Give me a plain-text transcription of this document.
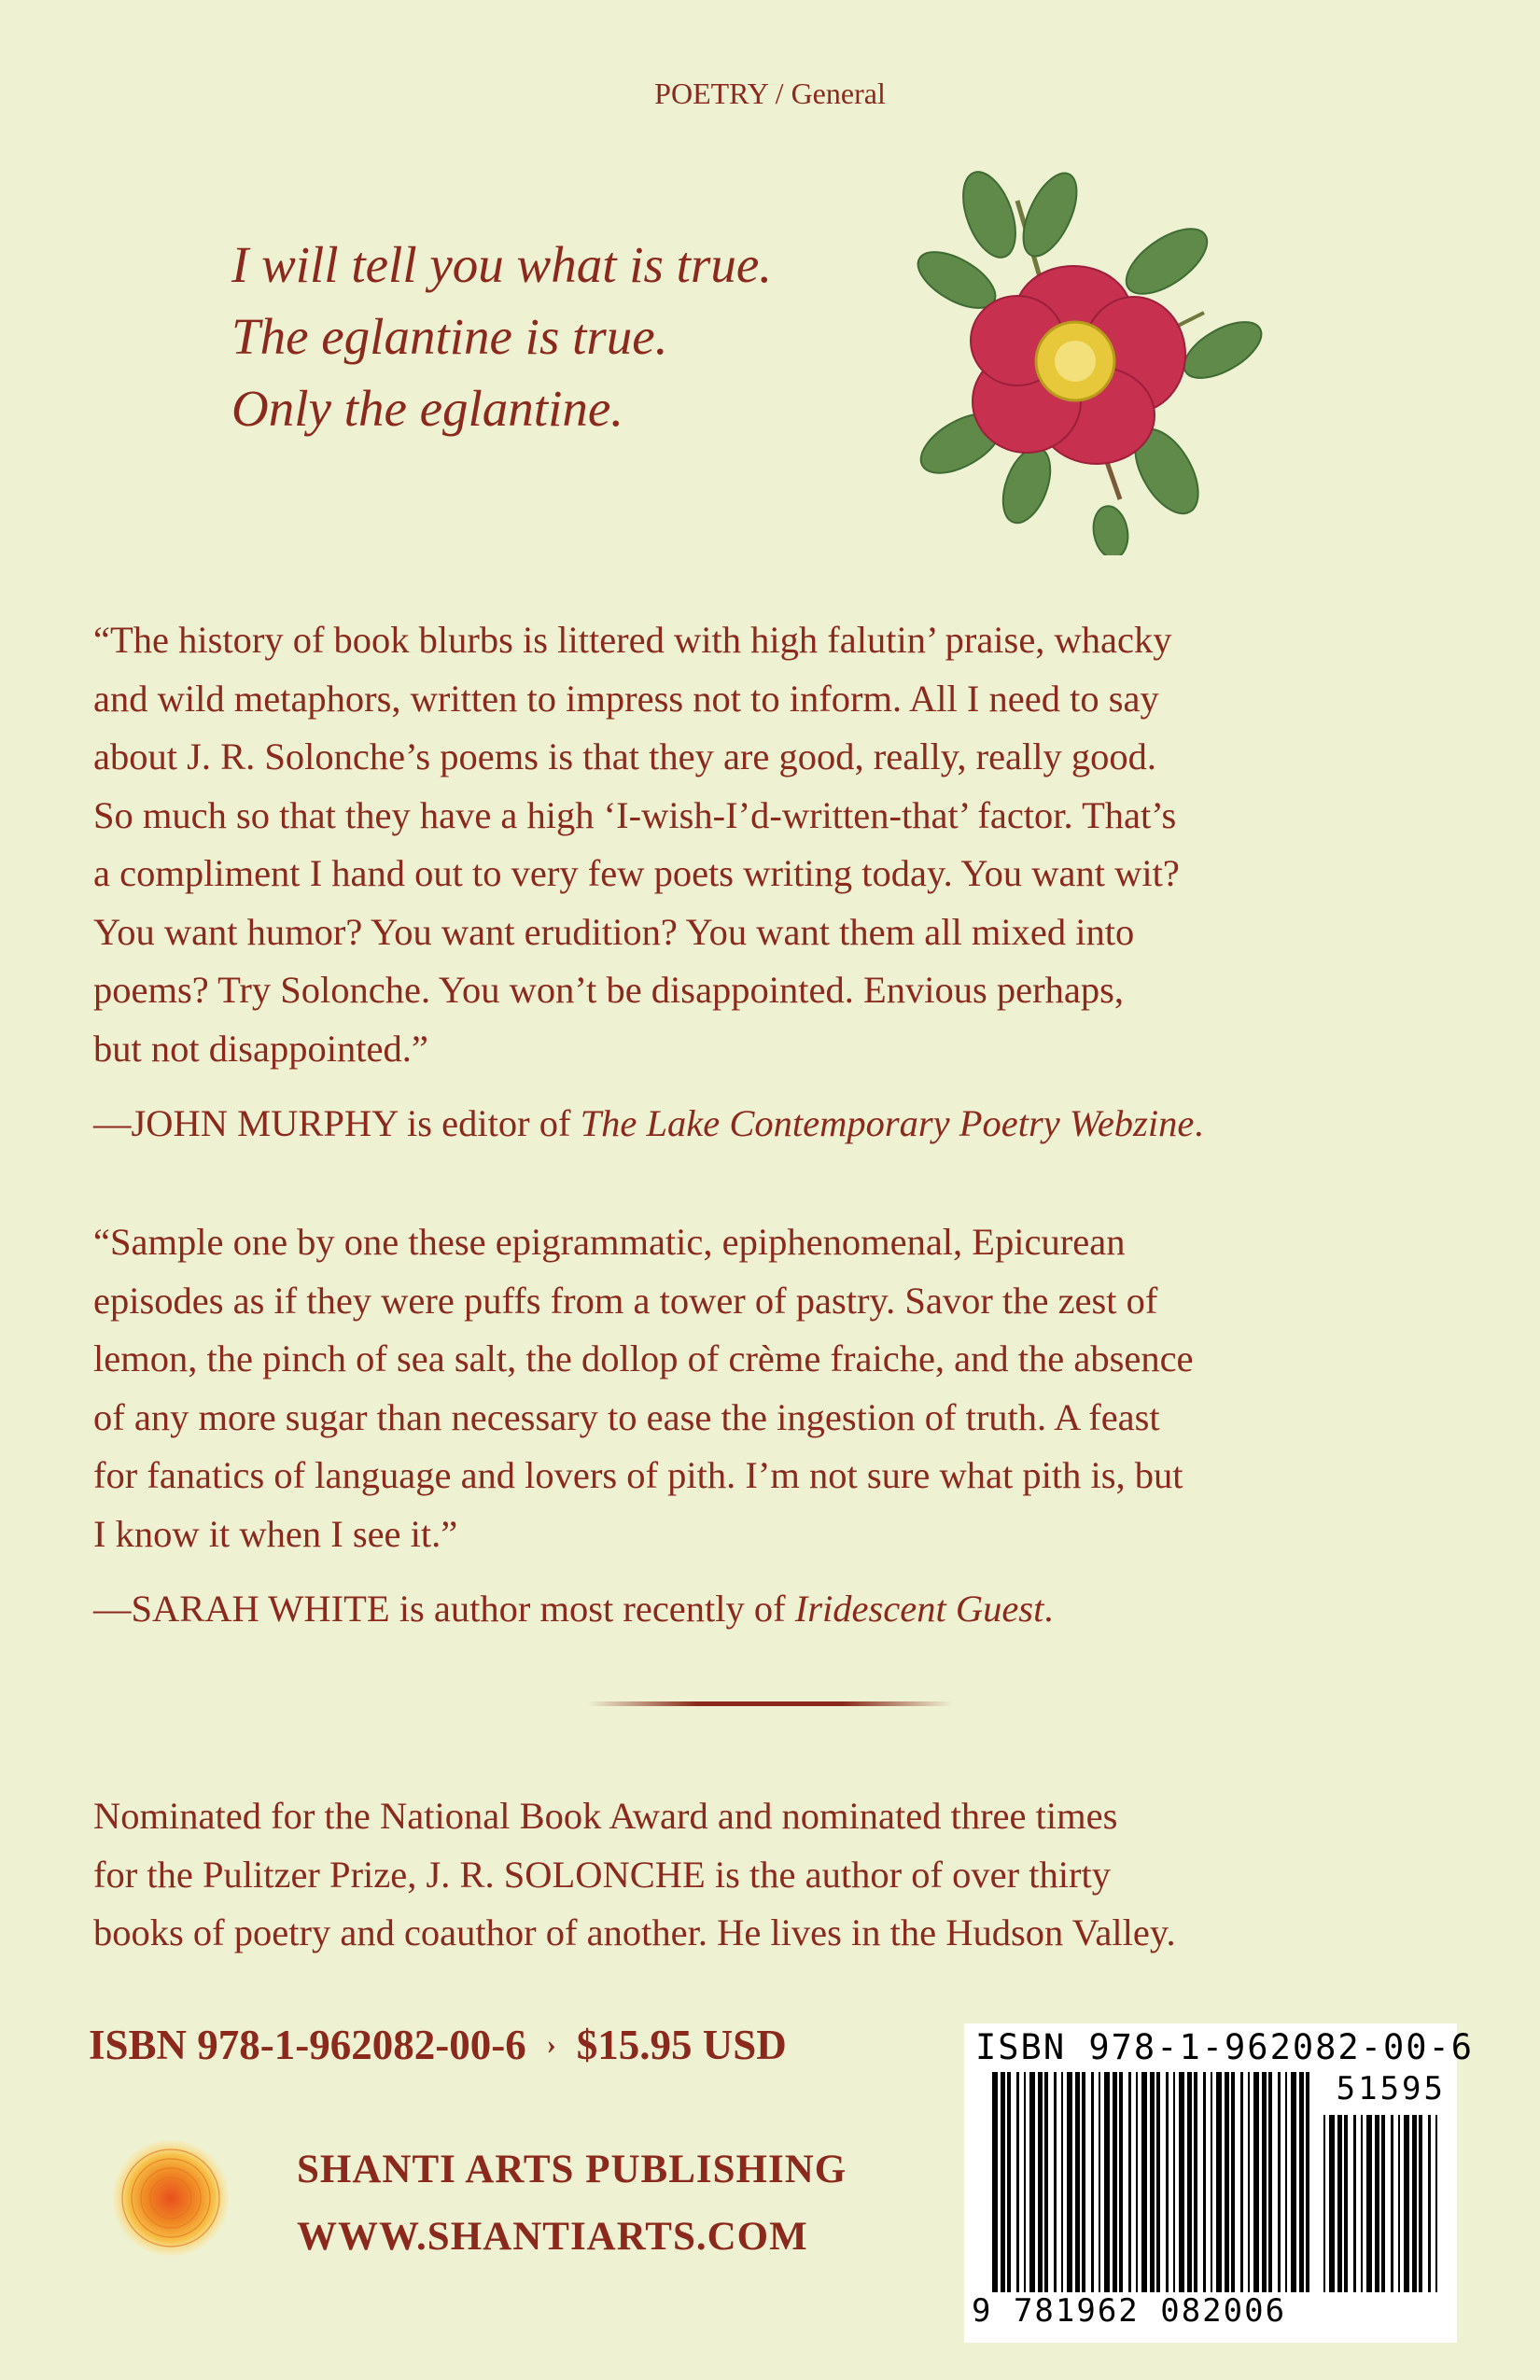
POETRY / General
I will tell you what is true.
The eglantine is true.
Only the eglantine.

“The history of book blurbs is littered with high falutin’ praise, whacky

and wild metaphors, written to impress not to inform. All I need to say

about J. R. Solonche’s poems is that they are good, really, really good.

So much so that they have a high ‘I-wish-I’d-written-that’ factor. That’s

a compliment I hand out to very few poets writing today. You want wit?

You want humor? You want erudition? You want them all mixed into

poems? Try Solonche. You won’t be disappointed. Envious perhaps,

but not disappointed.”

—JOHN MURPHY is editor of The Lake Contemporary Poetry Webzine.

“Sample one by one these epigrammatic, epiphenomenal, Epicurean

episodes as if they were puffs from a tower of pastry. Savor the zest of

lemon, the pinch of sea salt, the dollop of crème fraiche, and the absence

of any more sugar than necessary to ease the ingestion of truth. A feast

for fanatics of language and lovers of pith. I’m not sure what pith is, but

I know it when I see it.”

—SARAH WHITE is author most recently of Iridescent Guest.

Nominated for the National Book Award and nominated three times

for the Pulitzer Prize, J. R. SOLONCHE is the author of over thirty

books of poetry and coauthor of another. He lives in the Hudson Valley.

ISBN 978-1-962082-00-6 › $15.95 USD
SHANTI ARTS PUBLISHING
WWW.SHANTIARTS.COM
ISBN 978-1-962082-00-6
51595
9 781962 082006
